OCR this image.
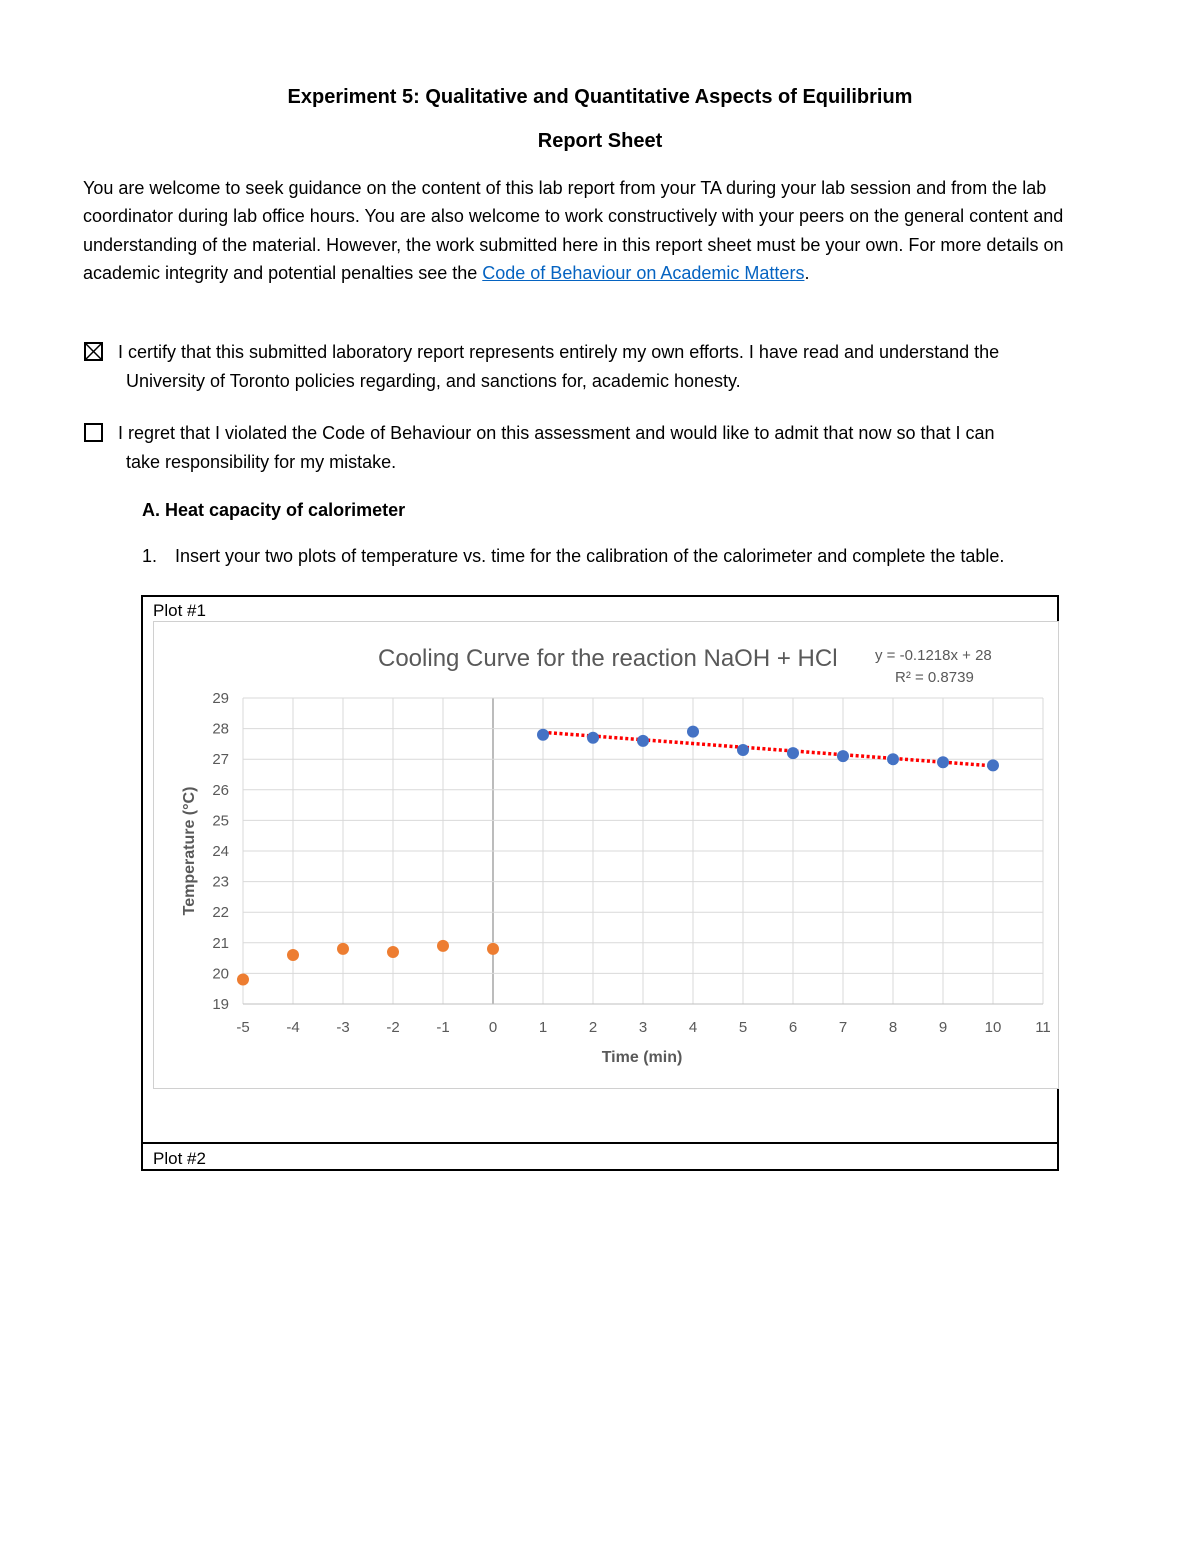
Experiment 5: Qualitative and Quantitative Aspects of Equilibrium
Report Sheet
You are welcome to seek guidance on the content of this lab report from your TA during your lab session and from the lab coordinator during lab office hours. You are also welcome to work constructively with your peers on the general content and understanding of the material. However, the work submitted here in this report sheet must be your own. For more details on academic integrity and potential penalties see the Code of Behaviour on Academic Matters.
I certify that this submitted laboratory report represents entirely my own efforts. I have read and understand the
University of Toronto policies regarding, and sanctions for, academic honesty.
I regret that I violated the Code of Behaviour on this assessment and would like to admit that now so that I can
take responsibility for my mistake.
A. Heat capacity of calorimeter
1. Insert your two plots of temperature vs. time for the calibration of the calorimeter and complete the table.
Plot #1
-5 -4 -3 -2 -1	0	1	2	3	4	5	6	7	8	9 10 11
19
20
21
22
23
24
25
26
27
28
29
Cooling Curve for the reaction NaOH + HCl
Time (min)
Temperature (°C)
y = -0.1218x + 28
R² = 0.8739
Plot #2
